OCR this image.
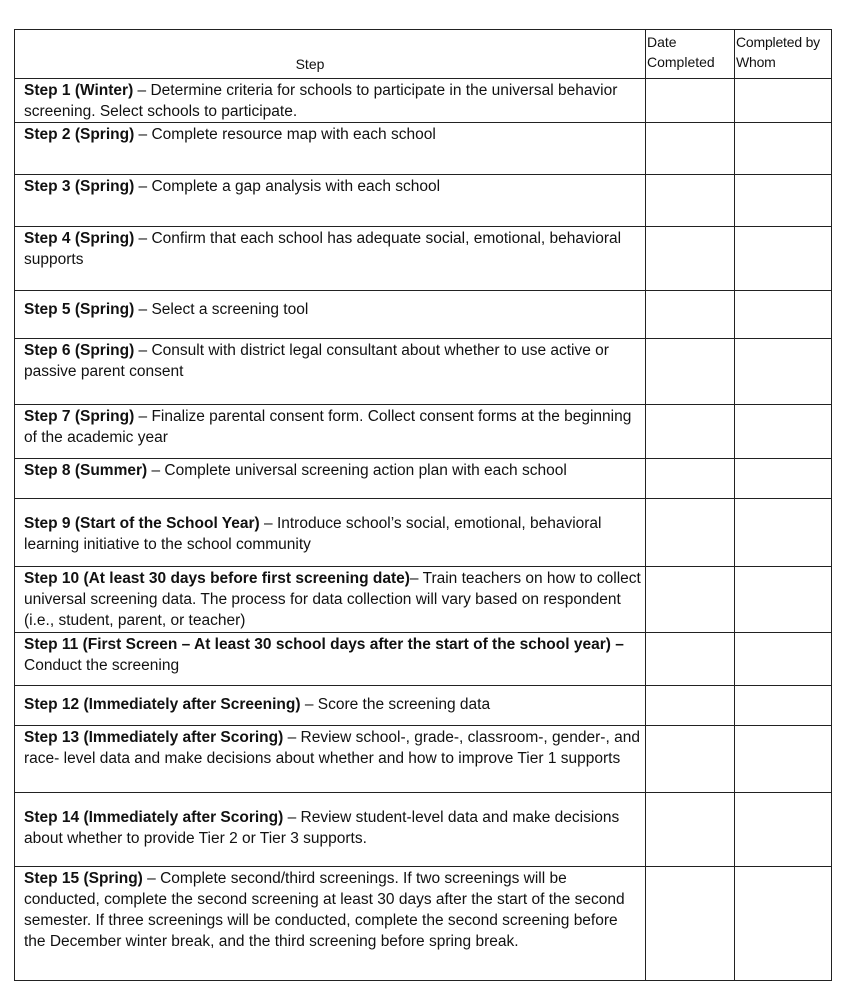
Step	Date Completed	Completed by Whom
Step 1 (Winter) – Determine criteria for schools to participate in the universal behavior screening. Select schools to participate.		
Step 2 (Spring) – Complete resource map with each school		
Step 3 (Spring) – Complete a gap analysis with each school		
Step 4 (Spring) – Confirm that each school has adequate social, emotional, behavioral supports		
Step 5 (Spring) – Select a screening tool		
Step 6 (Spring) – Consult with district legal consultant about whether to use active or passive parent consent		
Step 7 (Spring) – Finalize parental consent form. Collect consent forms at the beginning of the academic year		
Step 8 (Summer) – Complete universal screening action plan with each school		
Step 9 (Start of the School Year) – Introduce school’s social, emotional, behavioral learning initiative to the school community		
Step 10 (At least 30 days before first screening date)– Train teachers on how to collect universal screening data. The process for data collection will vary based on respondent (i.e., student, parent, or teacher)		
Step 11 (First Screen – At least 30 school days after the start of the school year) – Conduct the screening		
Step 12 (Immediately after Screening) – Score the screening data		
Step 13 (Immediately after Scoring) – Review school-, grade-, classroom-, gender-, and race- level data and make decisions about whether and how to improve Tier 1 supports		
Step 14 (Immediately after Scoring) – Review student-level data and make decisions about whether to provide Tier 2 or Tier 3 supports.		
Step 15 (Spring) – Complete second/third screenings. If two screenings will be conducted, complete the second screening at least 30 days after the start of the second semester. If three screenings will be conducted, complete the second screening before the December winter break, and the third screening before spring break.		
